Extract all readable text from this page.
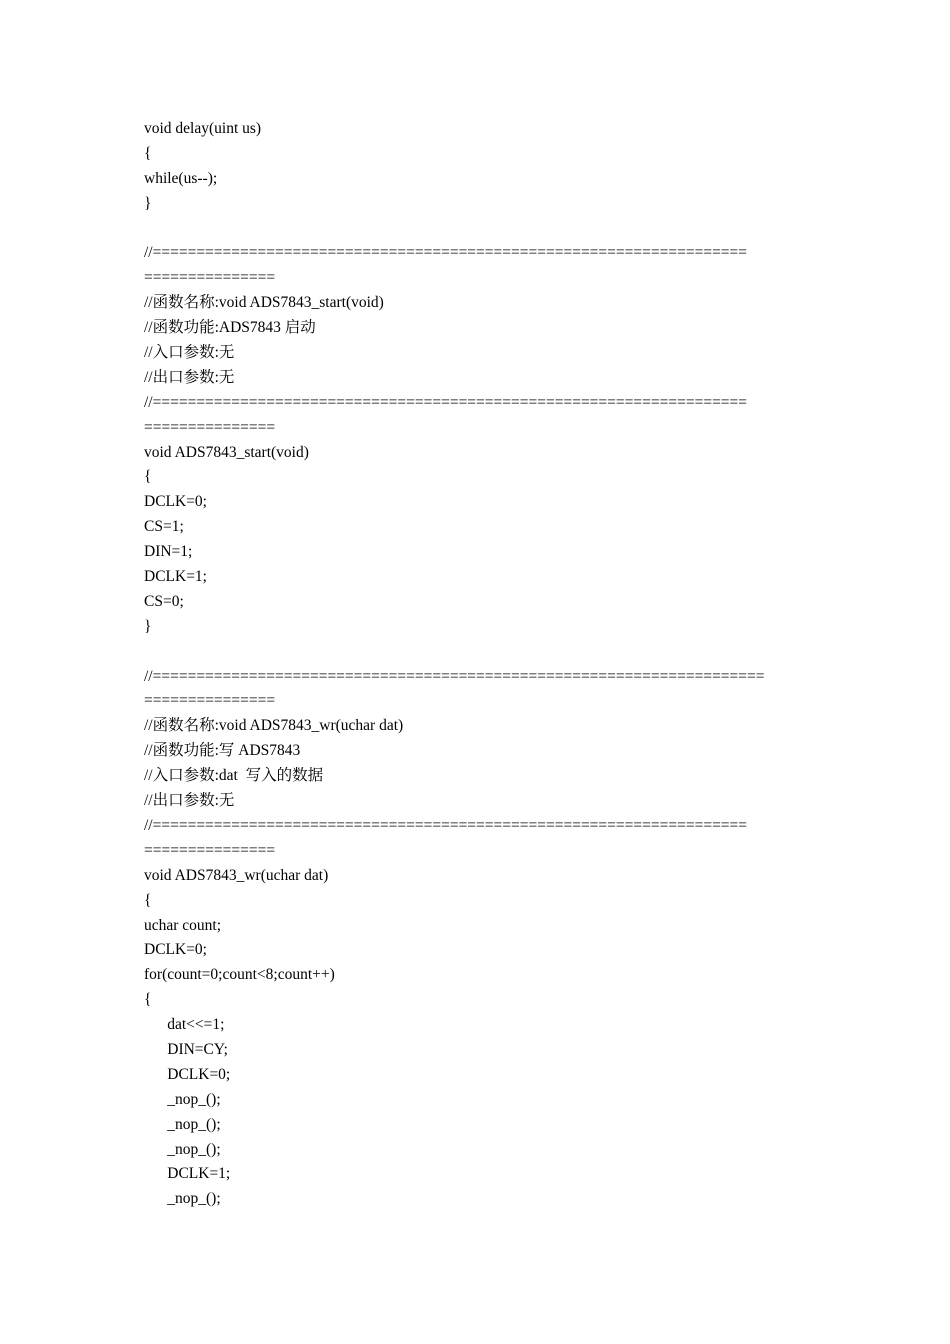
void delay(uint us)
{
while(us--);
}
//====================================================================
===============
//函数名称:void ADS7843_start(void)
//函数功能:ADS7843 启动
//入口参数:无
//出口参数:无
//====================================================================
===============
void ADS7843_start(void)
{
DCLK=0;
CS=1;
DIN=1;
DCLK=1;
CS=0;
}
//======================================================================
===============
//函数名称:void ADS7843_wr(uchar dat)
//函数功能:写 ADS7843
//入口参数:dat  写入的数据
//出口参数:无
//====================================================================
===============
void ADS7843_wr(uchar dat)
{
uchar count;
DCLK=0;
for(count=0;count<8;count++)
{
dat<<=1;
DIN=CY;
DCLK=0;
_nop_();
_nop_();
_nop_();
DCLK=1;
_nop_();
